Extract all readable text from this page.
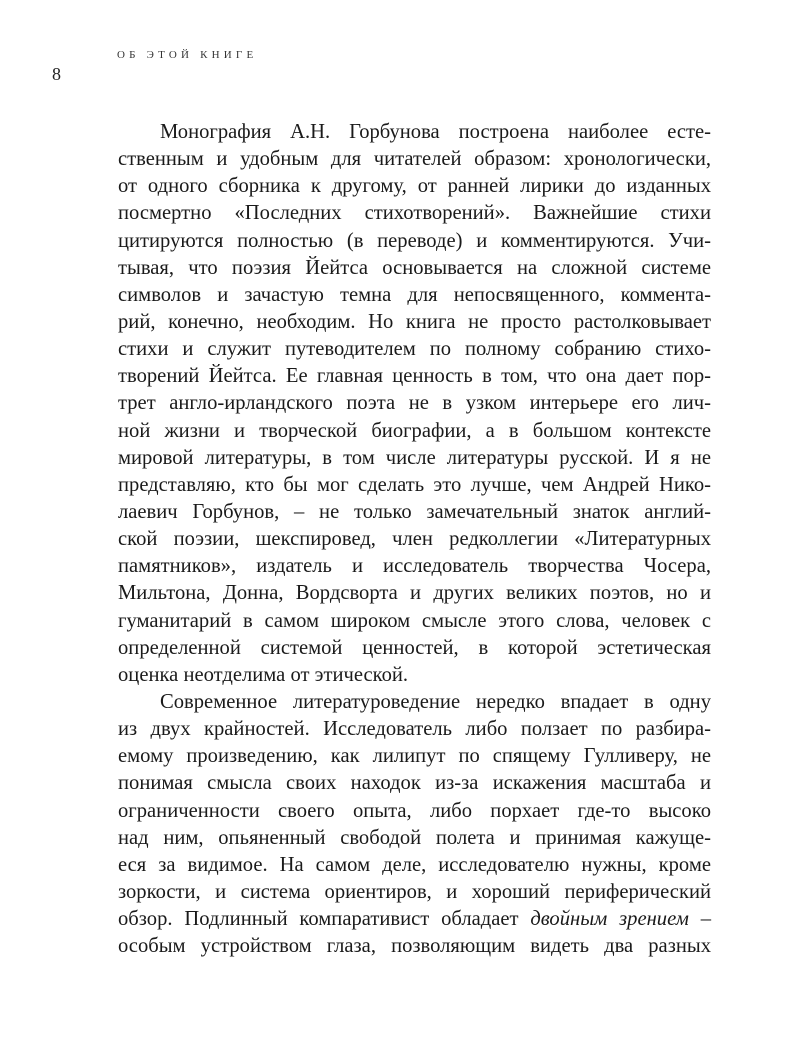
ОБ ЭТОЙ КНИГЕ
8
Монография А.Н. Горбунова построена наиболее есте-
ственным и удобным для читателей образом: хронологически,
от одного сборника к другому, от ранней лирики до изданных
посмертно «Последних стихотворений». Важнейшие стихи
цитируются полностью (в переводе) и комментируются. Учи-
тывая, что поэзия Йейтса основывается на сложной системе
символов и зачастую темна для непосвященного, коммента-
рий, конечно, необходим. Но книга не просто растолковывает
стихи и служит путеводителем по полному собранию стихо-
творений Йейтса. Ее главная ценность в том, что она дает пор-
трет англо-ирландского поэта не в узком интерьере его лич-
ной жизни и творческой биографии, а в большом контексте
мировой литературы, в том числе литературы русской. И я не
представляю, кто бы мог сделать это лучше, чем Андрей Нико-
лаевич Горбунов, – не только замечательный знаток англий-
ской поэзии, шекспировед, член редколлегии «Литературных
памятников», издатель и исследователь творчества Чосера,
Мильтона, Донна, Вордсворта и других великих поэтов, но и
гуманитарий в самом широком смысле этого слова, человек с
определенной системой ценностей, в которой эстетическая
оценка неотделима от этической.
Современное литературоведение нередко впадает в одну
из двух крайностей. Исследователь либо ползает по разбира-
емому произведению, как лилипут по спящему Гулливеру, не
понимая смысла своих находок из-за искажения масштаба и
ограниченности своего опыта, либо порхает где-то высоко
над ним, опьяненный свободой полета и принимая кажуще-
еся за видимое. На самом деле, исследователю нужны, кроме
зоркости, и система ориентиров, и хороший периферический
обзор. Подлинный компаративист обладает двойным зрением –
особым устройством глаза, позволяющим видеть два разных
